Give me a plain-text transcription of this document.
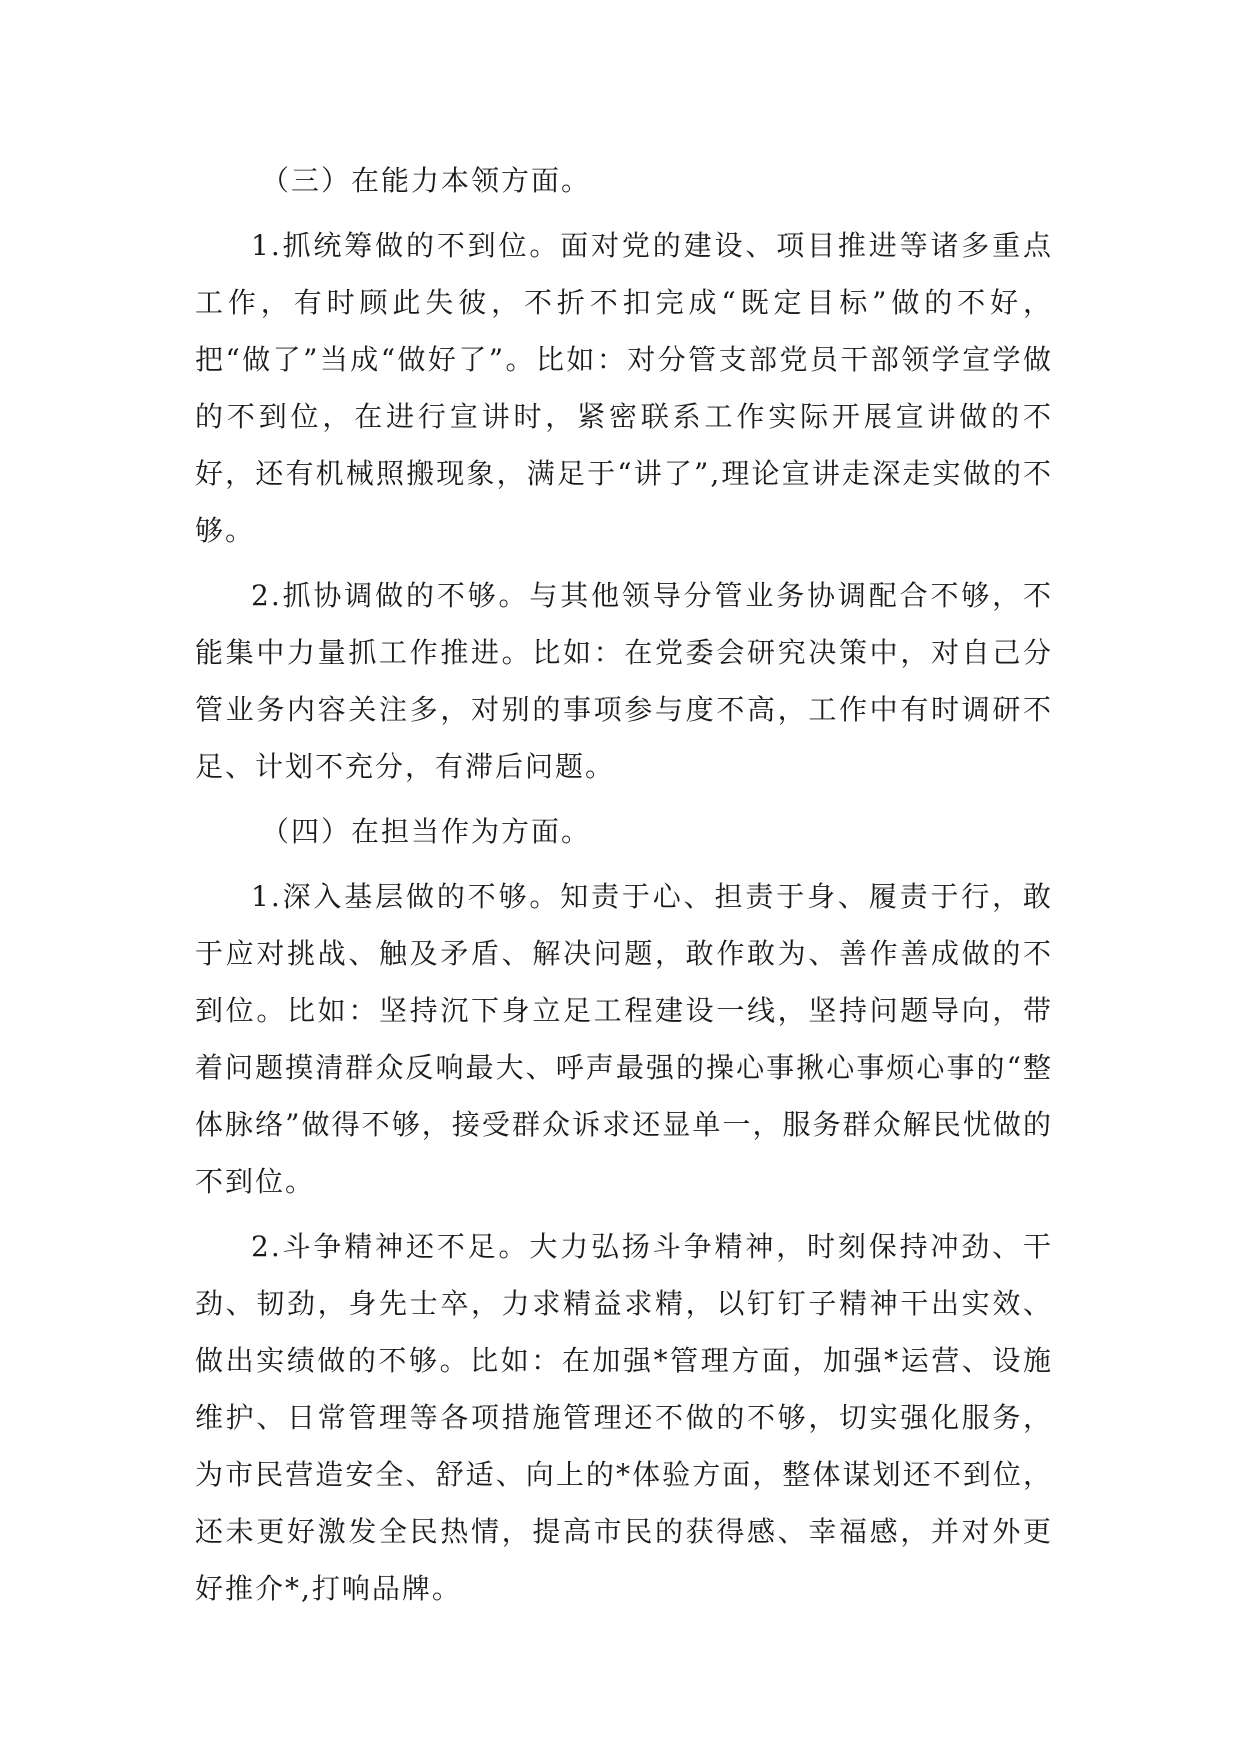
（三）在能力本领方面。

1.抓统筹做的不到位。面对党的建设、项目推进等诸多重点工作，有时顾此失彼，不折不扣完成“既定目标”做的不好，把“做了”当成“做好了”。比如：对分管支部党员干部领学宣学做的不到位，在进行宣讲时，紧密联系工作实际开展宣讲做的不好，还有机械照搬现象，满足于“讲了”,理论宣讲走深走实做的不够。

2.抓协调做的不够。与其他领导分管业务协调配合不够，不能集中力量抓工作推进。比如：在党委会研究决策中，对自己分管业务内容关注多，对别的事项参与度不高，工作中有时调研不足、计划不充分，有滞后问题。

（四）在担当作为方面。

1.深入基层做的不够。知责于心、担责于身、履责于行，敢于应对挑战、触及矛盾、解决问题，敢作敢为、善作善成做的不到位。比如：坚持沉下身立足工程建设一线，坚持问题导向，带着问题摸清群众反响最大、呼声最强的操心事揪心事烦心事的“整体脉络”做得不够，接受群众诉求还显单一，服务群众解民忧做的不到位。

2.斗争精神还不足。大力弘扬斗争精神，时刻保持冲劲、干劲、韧劲，身先士卒，力求精益求精，以钉钉子精神干出实效、做出实绩做的不够。比如：在加强*管理方面，加强*运营、设施维护、日常管理等各项措施管理还不做的不够，切实强化服务，为市民营造安全、舒适、向上的*体验方面，整体谋划还不到位，还未更好激发全民热情，提高市民的获得感、幸福感，并对外更好推介*,打响品牌。
